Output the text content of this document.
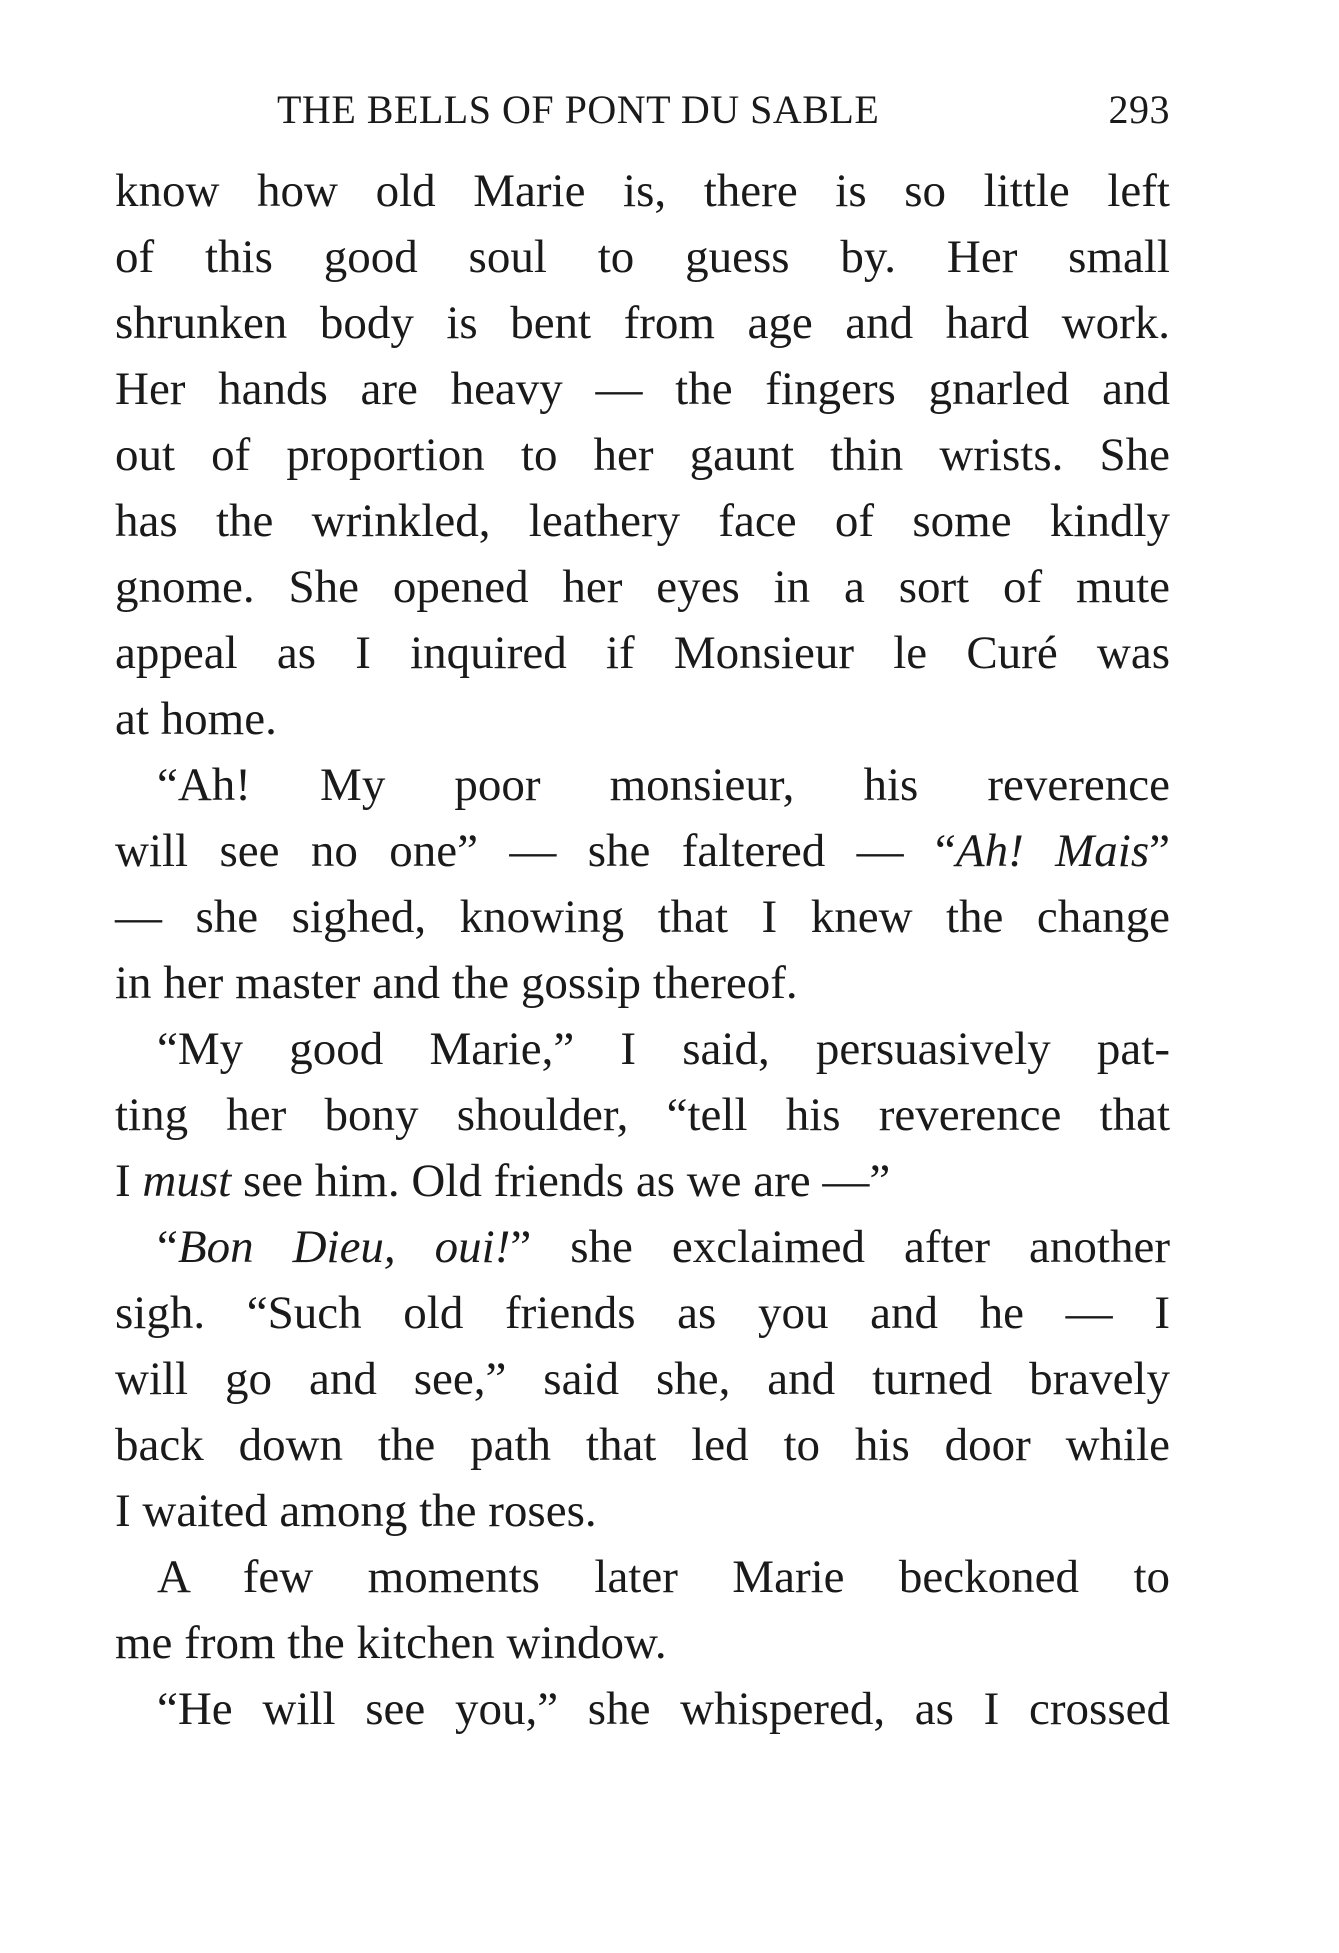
THE BELLS OF PONT DU SABLE	293
know how old Marie is, there is so little left
of this good soul to guess by. Her small
shrunken body is bent from age and hard work.
Her hands are heavy — the fingers gnarled and
out of proportion to her gaunt thin wrists. She
has the wrinkled, leathery face of some kindly
gnome. She opened her eyes in a sort of mute
appeal as I inquired if Monsieur le Curé was
at home.
“Ah! My poor monsieur, his reverence
will see no one” — she faltered — “Ah! Mais”
— she sighed, knowing that I knew the change
in her master and the gossip thereof.
“My good Marie,” I said, persuasively pat-
ting her bony shoulder, “tell his reverence that
I must see him. Old friends as we are —”
“Bon Dieu, oui!” she exclaimed after another
sigh. “Such old friends as you and he — I
will go and see,” said she, and turned bravely
back down the path that led to his door while
I waited among the roses.
A few moments later Marie beckoned to
me from the kitchen window.
“He will see you,” she whispered, as I crossed
